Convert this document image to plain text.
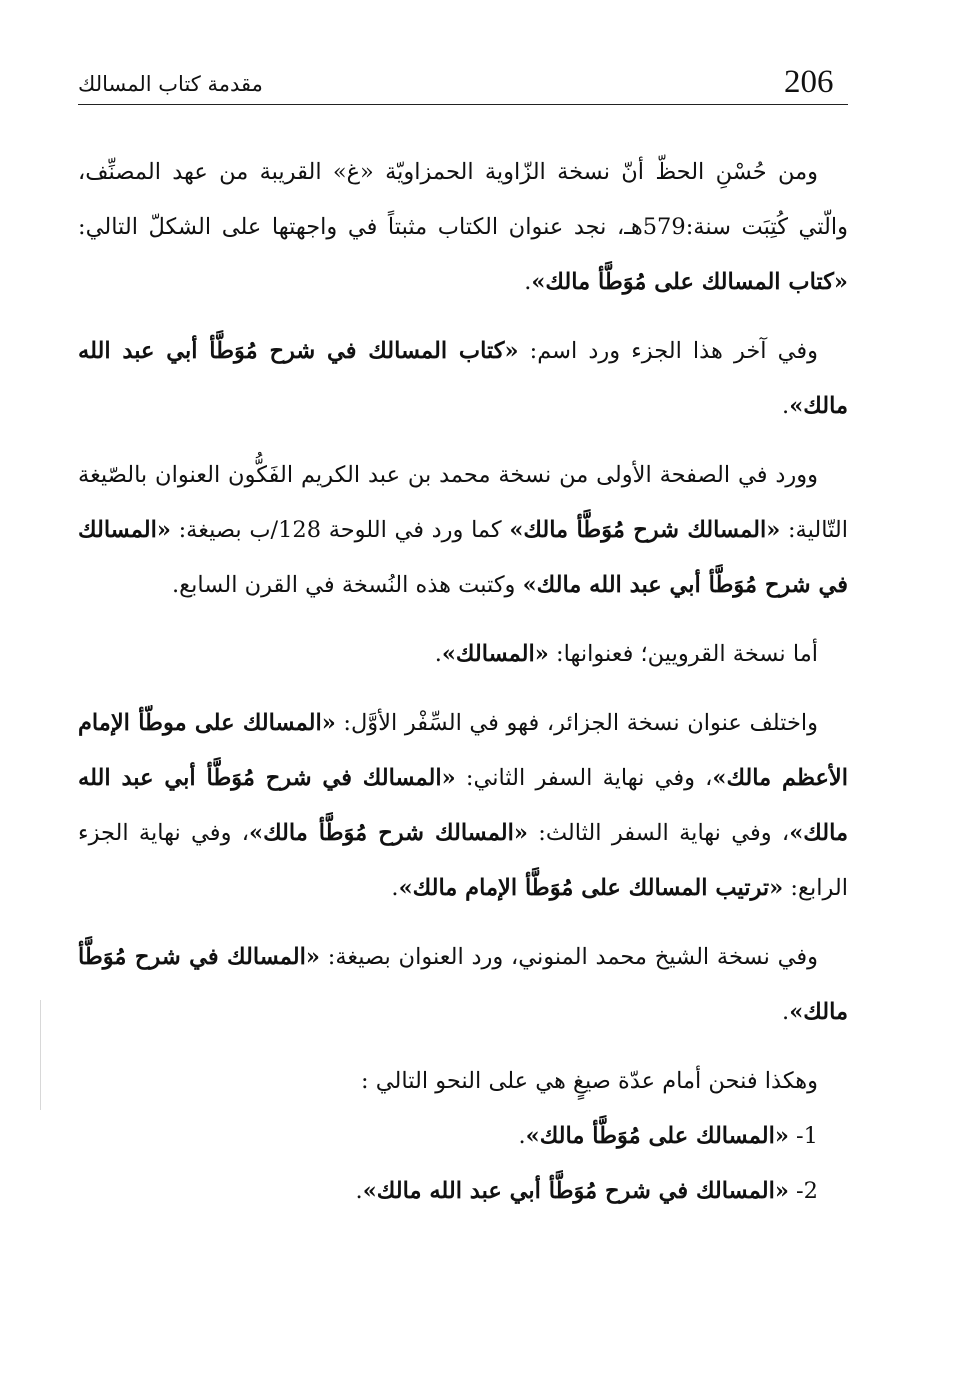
206
مقدمة كتاب المسالك

ومن حُسْنِ الحظّ أنّ نسخة الزّاوية الحمزاويّة «غ» القريبة من عهد المصنِّف، والّتي كُتِبَت سنة:579هـ، نجد عنوان الكتاب مثبتاً في واجهتها على الشكلّ التالي: «كتاب المسالك على مُوَطَّأ مالك».

وفي آخر هذا الجزء ورد اسم: «كتاب المسالك في شرح مُوَطَّأ أبي عبد الله مالك».

وورد في الصفحة الأولى من نسخة محمد بن عبد الكريم الفَكُّون العنوان بالصّيغة التّالية: «المسالك شرح مُوَطَّأ مالك» كما ورد في اللوحة 128/ب بصيغة: «المسالك في شرح مُوَطَّأ أبي عبد الله مالك» وكتبت هذه النُسخة في القرن السابع.

أما نسخة القرويين؛ فعنوانها: «المسالك».

واختلف عنوان نسخة الجزائر، فهو في السِّفْر الأوَّل: «المسالك على موطّأ الإمام الأعظم مالك»، وفي نهاية السفر الثاني: «المسالك في شرح مُوَطَّأ أبي عبد الله مالك»، وفي نهاية السفر الثالث: «المسالك شرح مُوَطَّأ مالك»، وفي نهاية الجزء الرابع: «ترتيب المسالك على مُوَطَّأ الإمام مالك».

وفي نسخة الشيخ محمد المنوني، ورد العنوان بصيغة: «المسالك في شرح مُوَطَّأ مالك».

وهكذا فنحن أمام عدّة صيغٍ هي على النحو التالي :

1- «المسالك على مُوَطَّأ مالك».

2- «المسالك في شرح مُوَطَّأ أبي عبد الله مالك».
